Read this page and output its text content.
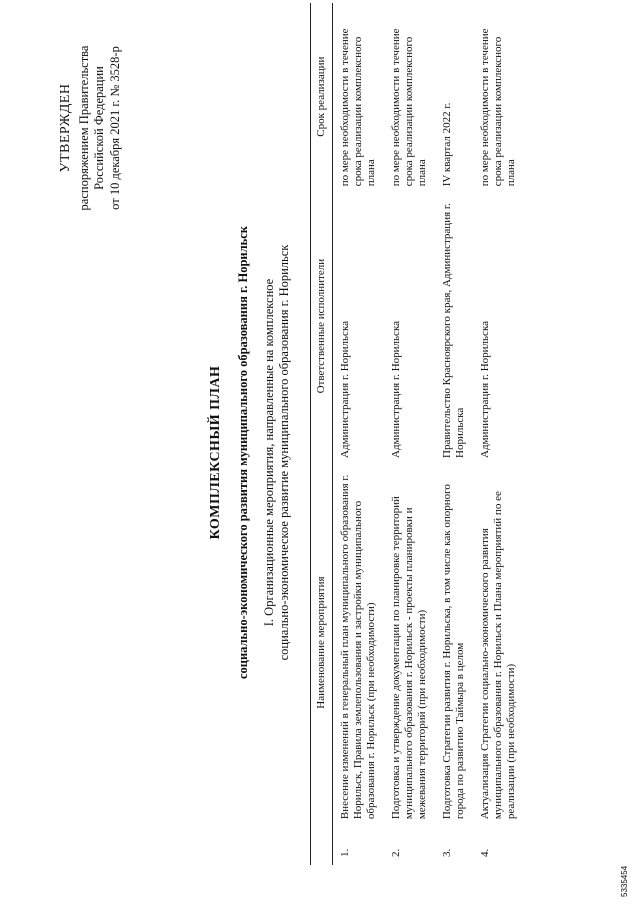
УТВЕРЖДЕН распоряжением Правительства Российской Федерации от 10 декабря 2021 г. № 3528-р
КОМПЛЕКСНЫЙ ПЛАН социально-экономического развития муниципального образования г. Норильск I. Организационные мероприятия, направленные на комплексное социально-экономическое развитие муниципального образования г. Норильск
	Наименование мероприятия	Ответственные исполнители	Срок реализации
1.	Внесение изменений в генеральный план муниципального образования г. Норильск, Правила землепользования и застройки муниципального образования г. Норильск (при необходимости)	Администрация г. Норильска	по мере необходимости в течение срока реализации комплексного плана
2.	Подготовка и утверждение документации по планировке территорий муниципального образования г. Норильск - проекты планировки и межевания территорий (при необходимости)	Администрация г. Норильска	по мере необходимости в течение срока реализации комплексного плана
3.	Подготовка Стратегии развития г. Норильска, в том числе как опорного города по развитию Таймыра в целом	Правительство Красноярского края, Администрация г. Норильска	IV квартал 2022 г.
4.	Актуализация Стратегии социально-экономического развития муниципального образования г. Норильск и Плана мероприятий по ее реализации (при необходимости)	Администрация г. Норильска	по мере необходимости в течение срока реализации комплексного плана
5335454
